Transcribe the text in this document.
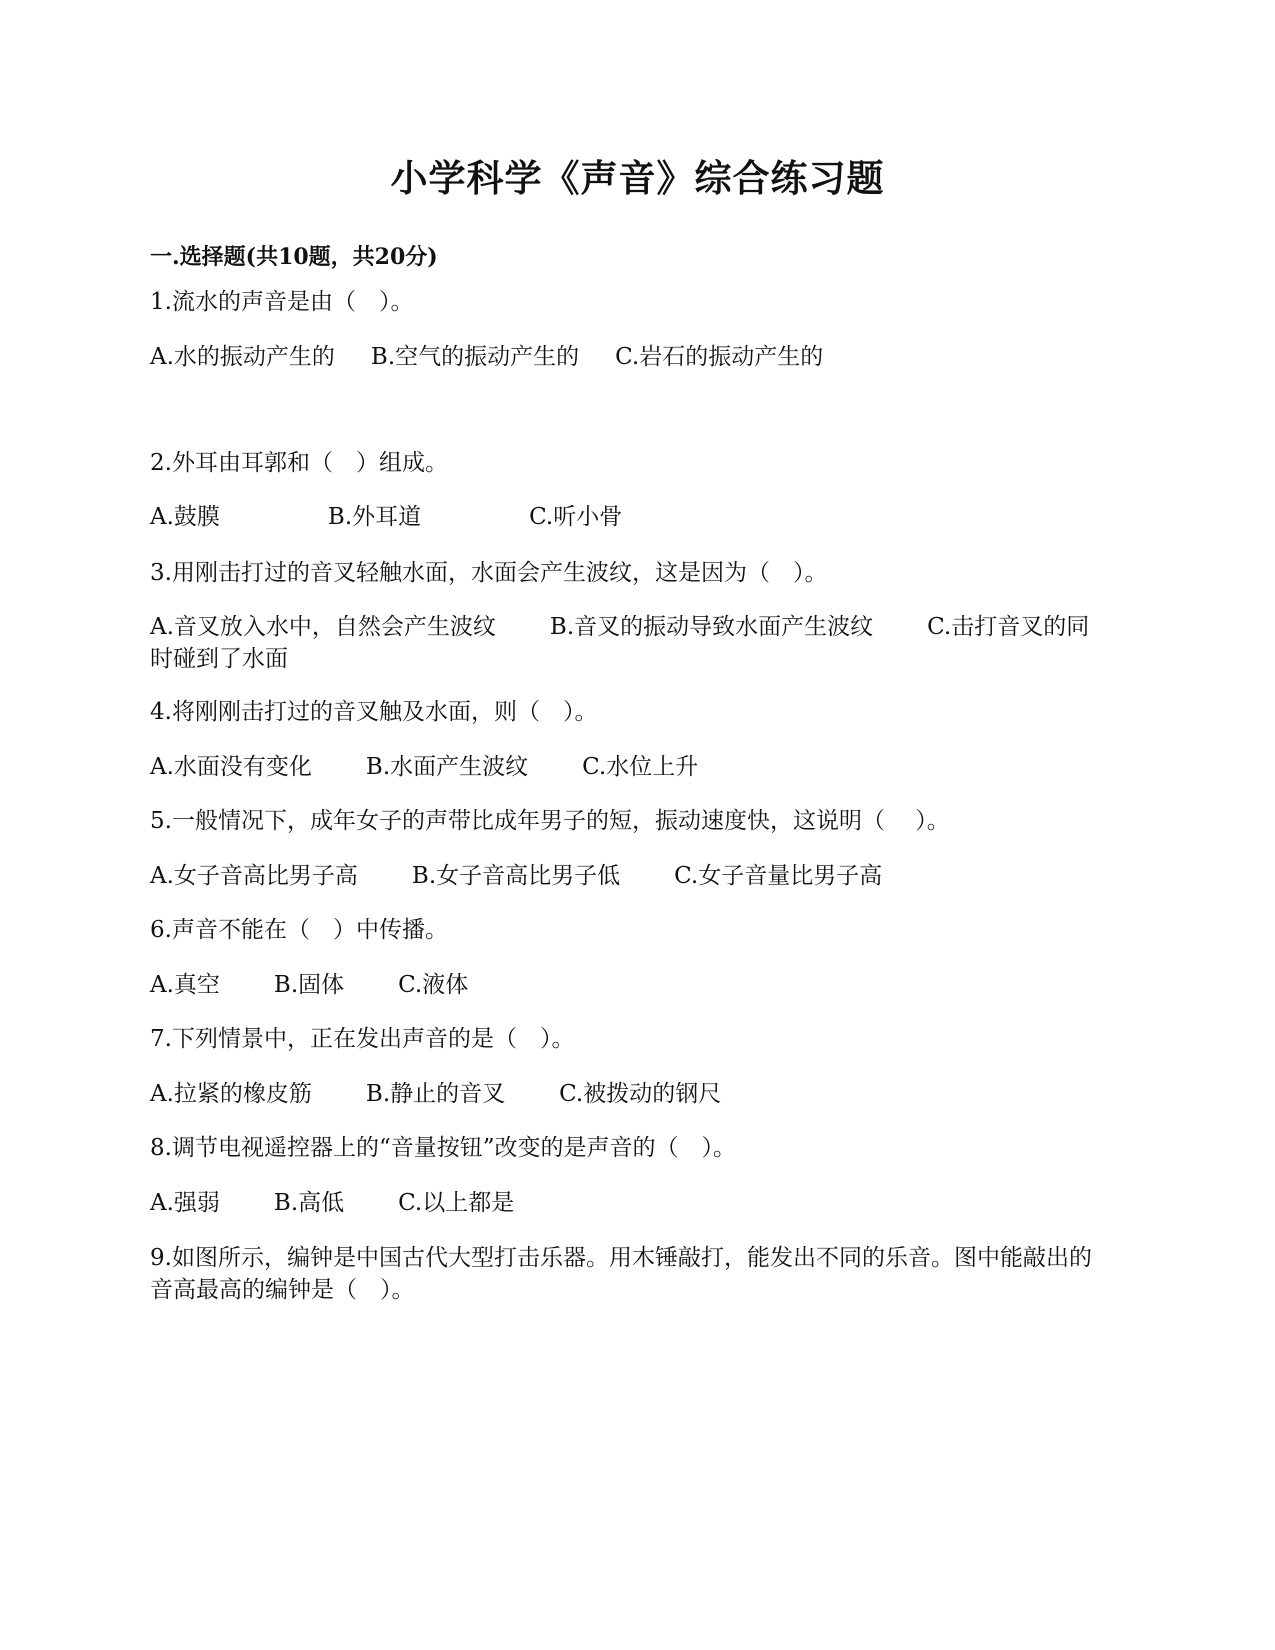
小学科学《声音》综合练习题
一.选择题(共10题，共20分)
1.流水的声音是由（　）。
A.水的振动产生的 B.空气的振动产生的 C.岩石的振动产生的
2.外耳由耳郭和（　）组成。
A.鼓膜	B.外耳道	C.听小骨
3.用刚击打过的音叉轻触水面，水面会产生波纹，这是因为（　）。
A.音叉放入水中，自然会产生波纹 B.音叉的振动导致水面产生波纹 C.击打音叉的同时碰到了水面
4.将刚刚击打过的音叉触及水面，则（　）。
A.水面没有变化 B.水面产生波纹 C.水位上升
5.一般情况下，成年女子的声带比成年男子的短，振动速度快，这说明（　 ）。
A.女子音高比男子高 B.女子音高比男子低 C.女子音量比男子高
6.声音不能在（　）中传播。
A.真空 B.固体 C.液体
7.下列情景中，正在发出声音的是（　）。
A.拉紧的橡皮筋 B.静止的音叉 C.被拨动的钢尺
8.调节电视遥控器上的“音量按钮”改变的是声音的（　）。
A.强弱 B.高低 C.以上都是
9.如图所示，编钟是中国古代大型打击乐器。用木锤敲打，能发出不同的乐音。图中能敲出的音高最高的编钟是（　）。
